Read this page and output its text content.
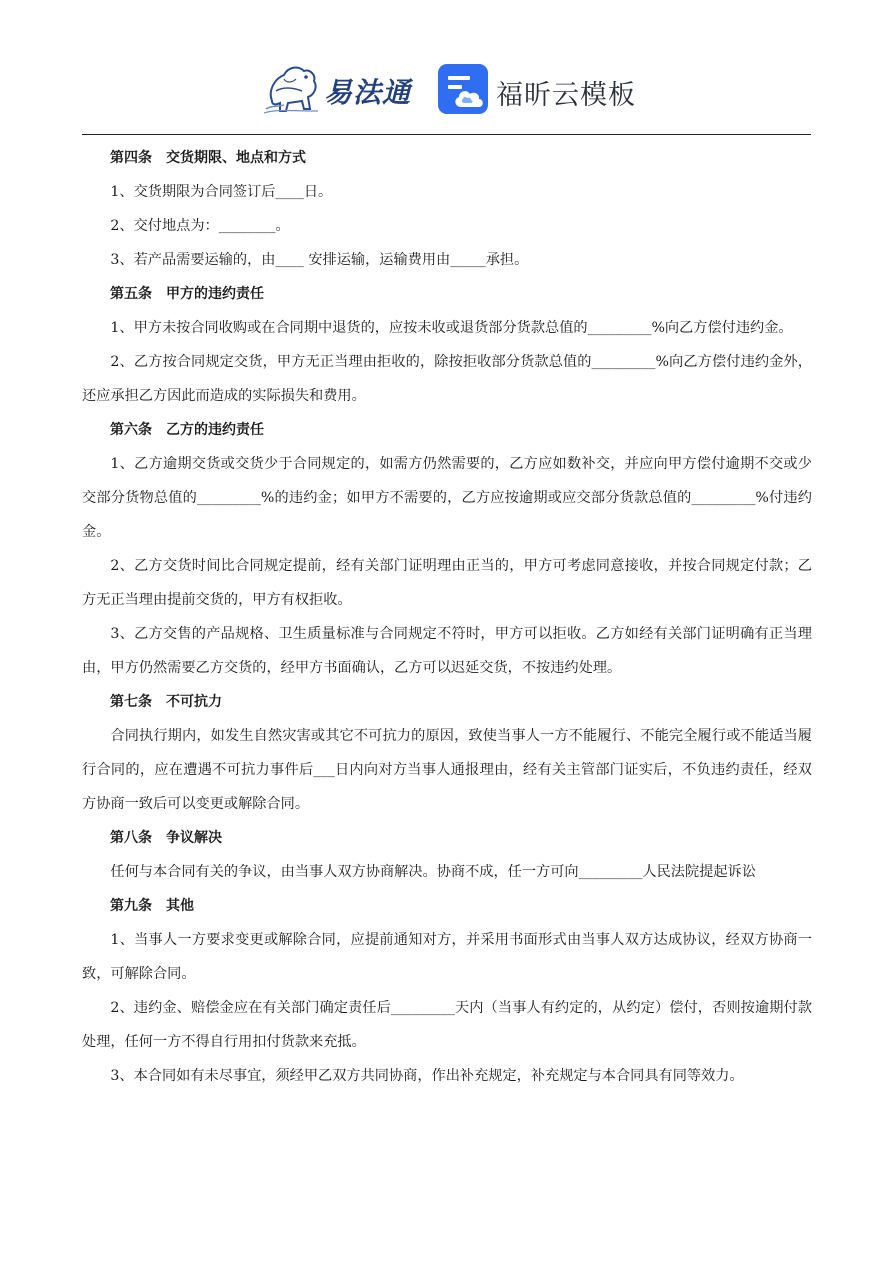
易法通	福昕云模板

第四条 交货期限、地点和方式

1、交货期限为合同签订后____日。

2、交付地点为：________。

3、若产品需要运输的，由____ 安排运输，运输费用由_____承担。

第五条 甲方的违约责任

1、甲方未按合同收购或在合同期中退货的，应按未收或退货部分货款总值的_________%向乙方偿付违约金。

2、乙方按合同规定交货，甲方无正当理由拒收的，除按拒收部分货款总值的_________%向乙方偿付违约金外，还应承担乙方因此而造成的实际损失和费用。

第六条 乙方的违约责任

1、乙方逾期交货或交货少于合同规定的，如需方仍然需要的，乙方应如数补交，并应向甲方偿付逾期不交或少交部分货物总值的_________%的违约金；如甲方不需要的，乙方应按逾期或应交部分货款总值的_________%付违约金。

2、乙方交货时间比合同规定提前，经有关部门证明理由正当的，甲方可考虑同意接收，并按合同规定付款；乙方无正当理由提前交货的，甲方有权拒收。

3、乙方交售的产品规格、卫生质量标准与合同规定不符时，甲方可以拒收。乙方如经有关部门证明确有正当理由，甲方仍然需要乙方交货的，经甲方书面确认，乙方可以迟延交货，不按违约处理。

第七条 不可抗力

合同执行期内，如发生自然灾害或其它不可抗力的原因，致使当事人一方不能履行、不能完全履行或不能适当履行合同的，应在遭遇不可抗力事件后___日内向对方当事人通报理由，经有关主管部门证实后，不负违约责任，经双方协商一致后可以变更或解除合同。

第八条 争议解决

任何与本合同有关的争议，由当事人双方协商解决。协商不成，任一方可向_________人民法院提起诉讼

第九条 其他

1、当事人一方要求变更或解除合同，应提前通知对方，并采用书面形式由当事人双方达成协议，经双方协商一致，可解除合同。

2、违约金、赔偿金应在有关部门确定责任后_________天内（当事人有约定的，从约定）偿付，否则按逾期付款处理，任何一方不得自行用扣付货款来充抵。

3、本合同如有未尽事宜，须经甲乙双方共同协商，作出补充规定，补充规定与本合同具有同等效力。
